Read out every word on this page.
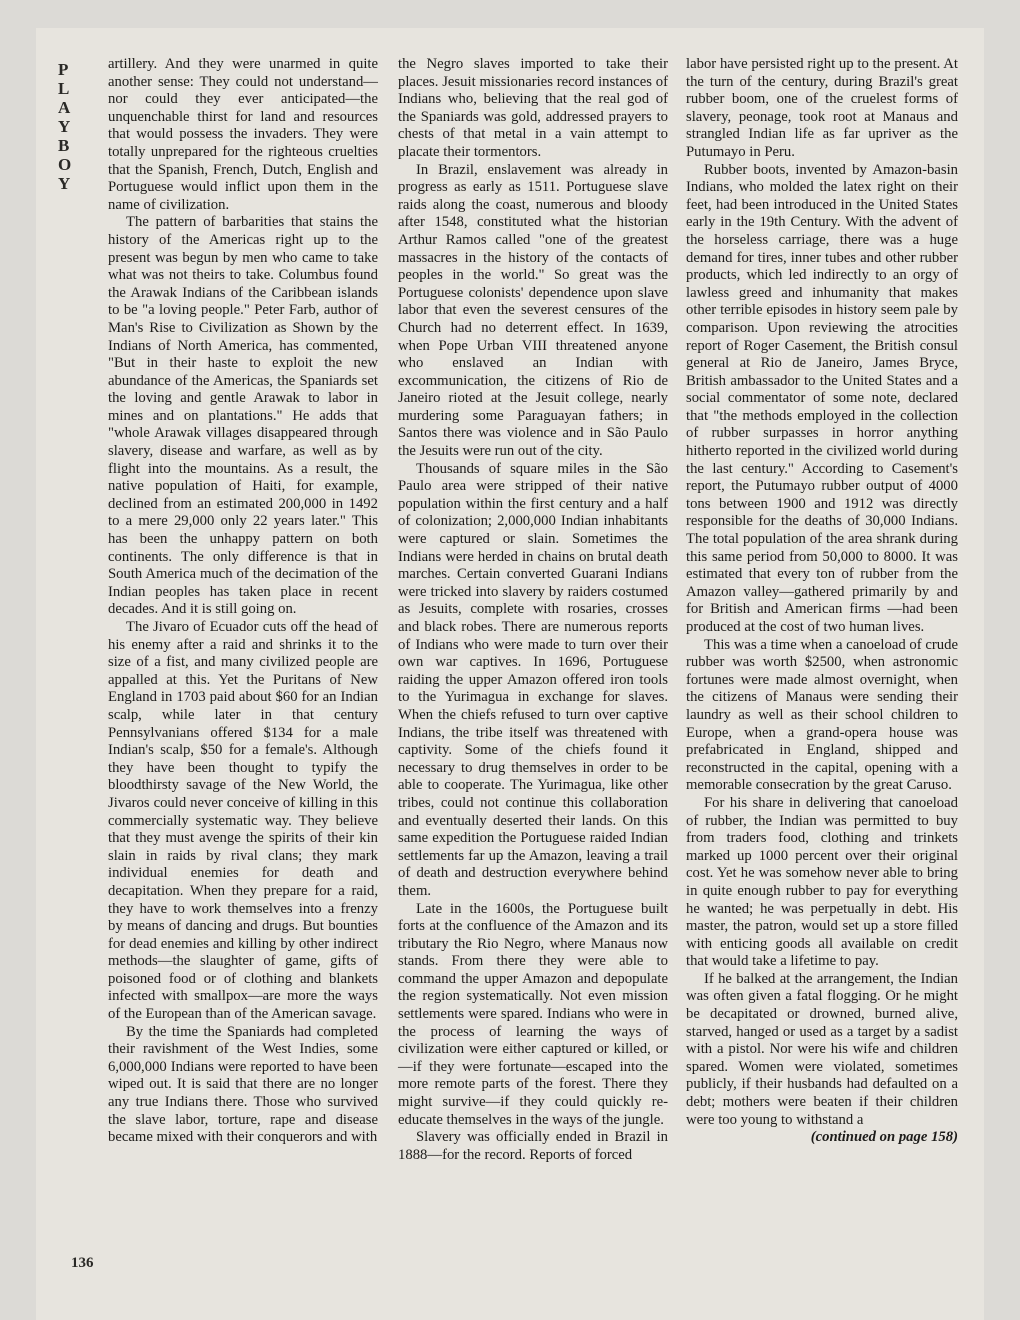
PLAYBOY

artillery. And they were unarmed in quite another sense: They could not understand—nor could they ever anticipated—the unquenchable thirst for land and resources that would possess the invaders. They were totally unprepared for the righteous cruelties that the Spanish, French, Dutch, English and Portuguese would inflict upon them in the name of civilization.

The pattern of barbarities that stains the history of the Americas right up to the present was begun by men who came to take what was not theirs to take. Columbus found the Arawak Indians of the Caribbean islands to be "a loving people." Peter Farb, author of Man's Rise to Civilization as Shown by the Indians of North America, has commented, "But in their haste to exploit the new abundance of the Americas, the Spaniards set the loving and gentle Arawak to labor in mines and on plantations." He adds that "whole Arawak villages disappeared through slavery, disease and warfare, as well as by flight into the mountains. As a result, the native population of Haiti, for example, declined from an estimated 200,000 in 1492 to a mere 29,000 only 22 years later." This has been the unhappy pattern on both continents. The only difference is that in South America much of the decimation of the Indian peoples has taken place in recent decades. And it is still going on.

The Jivaro of Ecuador cuts off the head of his enemy after a raid and shrinks it to the size of a fist, and many civilized people are appalled at this. Yet the Puritans of New England in 1703 paid about $60 for an Indian scalp, while later in that century Pennsylvanians offered $134 for a male Indian's scalp, $50 for a female's. Although they have been thought to typify the bloodthirsty savage of the New World, the Jivaros could never conceive of killing in this commercially systematic way. They believe that they must avenge the spirits of their kin slain in raids by rival clans; they mark individual enemies for death and decapitation. When they prepare for a raid, they have to work themselves into a frenzy by means of dancing and drugs. But bounties for dead enemies and killing by other indirect methods—the slaughter of game, gifts of poisoned food or of clothing and blankets infected with smallpox—are more the ways of the European than of the American savage.

By the time the Spaniards had completed their ravishment of the West Indies, some 6,000,000 Indians were reported to have been wiped out. It is said that there are no longer any true Indians there. Those who survived the slave labor, torture, rape and disease became mixed with their conquerors and with

the Negro slaves imported to take their places. Jesuit missionaries record instances of Indians who, believing that the real god of the Spaniards was gold, addressed prayers to chests of that metal in a vain attempt to placate their tormentors.

In Brazil, enslavement was already in progress as early as 1511. Portuguese slave raids along the coast, numerous and bloody after 1548, constituted what the historian Arthur Ramos called "one of the greatest massacres in the history of the contacts of peoples in the world." So great was the Portuguese colonists' dependence upon slave labor that even the severest censures of the Church had no deterrent effect. In 1639, when Pope Urban VIII threatened anyone who enslaved an Indian with excommunication, the citizens of Rio de Janeiro rioted at the Jesuit college, nearly murdering some Paraguayan fathers; in Santos there was violence and in São Paulo the Jesuits were run out of the city.

Thousands of square miles in the São Paulo area were stripped of their native population within the first century and a half of colonization; 2,000,000 Indian inhabitants were captured or slain. Sometimes the Indians were herded in chains on brutal death marches. Certain converted Guarani Indians were tricked into slavery by raiders costumed as Jesuits, complete with rosaries, crosses and black robes. There are numerous reports of Indians who were made to turn over their own war captives. In 1696, Portuguese raiding the upper Amazon offered iron tools to the Yurimagua in exchange for slaves. When the chiefs refused to turn over captive Indians, the tribe itself was threatened with captivity. Some of the chiefs found it necessary to drug themselves in order to be able to cooperate. The Yurimagua, like other tribes, could not continue this collaboration and eventually deserted their lands. On this same expedition the Portuguese raided Indian settlements far up the Amazon, leaving a trail of death and destruction everywhere behind them.

Late in the 1600s, the Portuguese built forts at the confluence of the Amazon and its tributary the Rio Negro, where Manaus now stands. From there they were able to command the upper Amazon and depopulate the region systematically. Not even mission settlements were spared. Indians who were in the process of learning the ways of civilization were either captured or killed, or —if they were fortunate—escaped into the more remote parts of the forest. There they might survive—if they could quickly re-educate themselves in the ways of the jungle.

Slavery was officially ended in Brazil in 1888—for the record. Reports of forced

labor have persisted right up to the present. At the turn of the century, during Brazil's great rubber boom, one of the cruelest forms of slavery, peonage, took root at Manaus and strangled Indian life as far upriver as the Putumayo in Peru.

Rubber boots, invented by Amazon-basin Indians, who molded the latex right on their feet, had been introduced in the United States early in the 19th Century. With the advent of the horseless carriage, there was a huge demand for tires, inner tubes and other rubber products, which led indirectly to an orgy of lawless greed and inhumanity that makes other terrible episodes in history seem pale by comparison. Upon reviewing the atrocities report of Roger Casement, the British consul general at Rio de Janeiro, James Bryce, British ambassador to the United States and a social commentator of some note, declared that "the methods employed in the collection of rubber surpasses in horror anything hitherto reported in the civilized world during the last century." According to Casement's report, the Putumayo rubber output of 4000 tons between 1900 and 1912 was directly responsible for the deaths of 30,000 Indians. The total population of the area shrank during this same period from 50,000 to 8000. It was estimated that every ton of rubber from the Amazon valley—gathered primarily by and for British and American firms —had been produced at the cost of two human lives.

This was a time when a canoeload of crude rubber was worth $2500, when astronomic fortunes were made almost overnight, when the citizens of Manaus were sending their laundry as well as their school children to Europe, when a grand-opera house was prefabricated in England, shipped and reconstructed in the capital, opening with a memorable consecration by the great Caruso.

For his share in delivering that canoeload of rubber, the Indian was permitted to buy from traders food, clothing and trinkets marked up 1000 percent over their original cost. Yet he was somehow never able to bring in quite enough rubber to pay for everything he wanted; he was perpetually in debt. His master, the patron, would set up a store filled with enticing goods all available on credit that would take a lifetime to pay.

If he balked at the arrangement, the Indian was often given a fatal flogging. Or he might be decapitated or drowned, burned alive, starved, hanged or used as a target by a sadist with a pistol. Nor were his wife and children spared. Women were violated, sometimes publicly, if their husbands had defaulted on a debt; mothers were beaten if their children were too young to withstand a

(continued on page 158)

136
